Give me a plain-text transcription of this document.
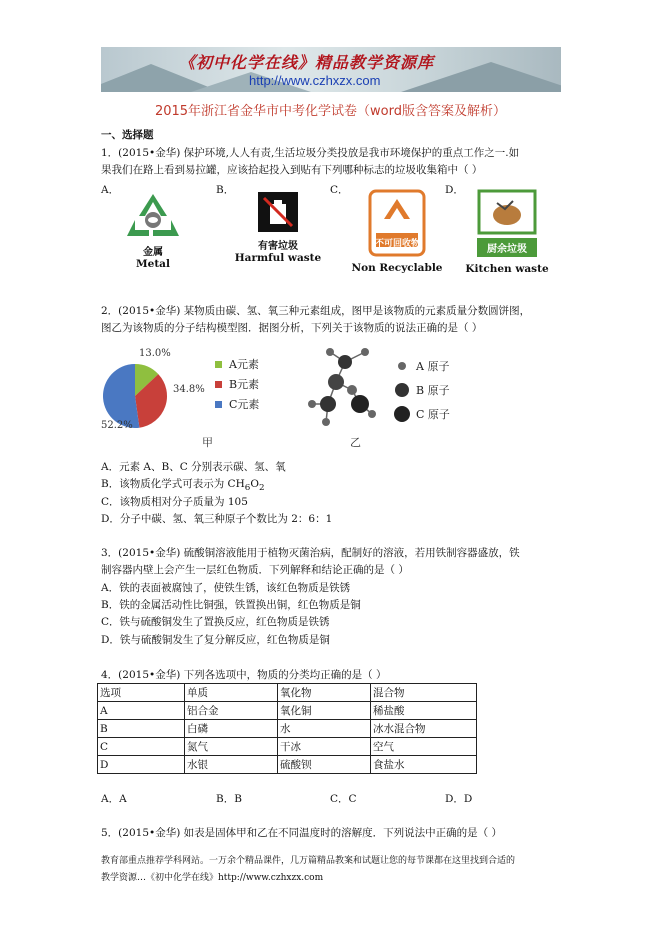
《初中化学在线》精品教学资源库
http://www.czhxzx.com
2015年浙江省金华市中考化学试卷（word版含答案及解析）
一、选择题
1．(2015•金华) 保护环境,人人有责,生活垃圾分类投放是我市环境保护的重点工作之一.如
果我们在路上看到易拉罐，应该拾起投入到贴有下列哪种标志的垃圾收集箱中（ ）
A．	B．	C．	D．
金属
Metal
有害垃圾
Harmful waste
不可回收物
Non Recyclable
厨余垃圾
Kitchen waste
2．(2015•金华) 某物质由碳、氢、氧三种元素组成，图甲是该物质的元素质量分数圆饼图，
图乙为该物质的分子结构模型图．据图分析，下列关于该物质的说法正确的是（ ）
A元素
B元素
C元素
13.0%
34.8%
52.2%
甲
A 原子
B 原子
C 原子
乙
A．元素 A、B、C 分别表示碳、氢、氧
B．该物质化学式可表示为 $CH_6O_2$
C．该物质相对分子质量为 105
D．分子中碳、氢、氧三种原子个数比为 2：6：1
3．(2015•金华) 硫酸铜溶液能用于植物灭菌治病，配制好的溶液，若用铁制容器盛放，铁
制容器内壁上会产生一层红色物质．下列解释和结论正确的是（ ）
A．铁的表面被腐蚀了，使铁生锈，该红色物质是铁锈
B．铁的金属活动性比铜强，铁置换出铜，红色物质是铜
C．铁与硫酸铜发生了置换反应，红色物质是铁锈
D．铁与硫酸铜发生了复分解反应，红色物质是铜
4．(2015•金华) 下列各选项中，物质的分类均正确的是（ ）
选项	单质	氧化物	混合物
A	铝合金	氧化铜	稀盐酸
B	白磷	水	冰水混合物
C	氮气	干冰	空气
D	水银	硫酸钡	食盐水
A．A	B．B	C．C	D．D
5．(2015•金华) 如表是固体甲和乙在不同温度时的溶解度．下列说法中正确的是（ ）
教育部重点推荐学科网站。一万余个精品课件，几万篇精品教案和试题让您的每节课都在这里找到合适的
教学资源…《初中化学在线》http://www.czhxzx.com
